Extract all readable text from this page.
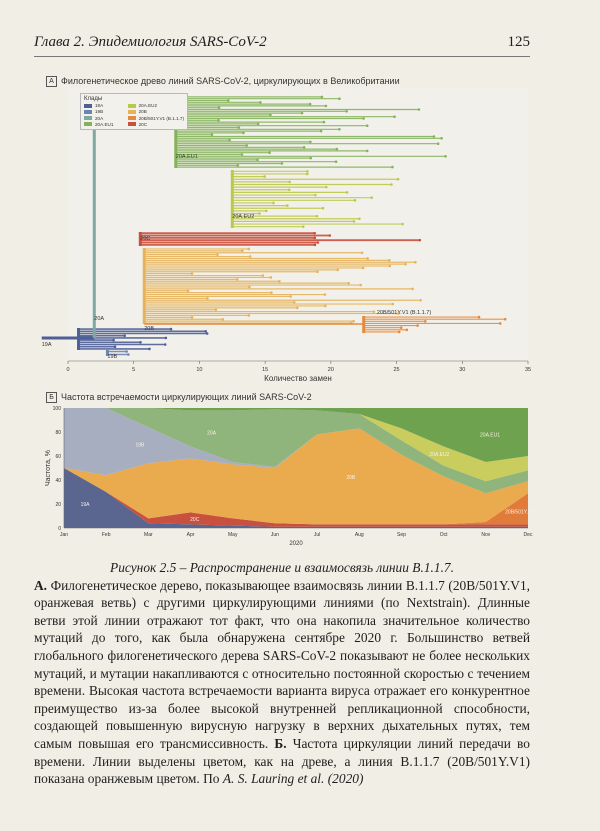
Глава 2. Эпидемиология SARS-CoV-2	125
А Филогенетическое древо линий SARS-CoV-2, циркулирующих в Великобритании
20A.EU1
20A.EU2
20C
20A
20B
19A
19B
20B/501Y.V1 (B.1.1.7)
0	5	10	15	20	25	30	35
Количество замен
Клады
19A	20A.EU2
19B	20B
20A	20B/501Y.V1 (B.1.1.7)
20A.EU1	20C
Б Частота встречаемости циркулирующих линий SARS-CoV-2
19A
19B
20A
20B
20C
20A.EU2
20A.EU1
20B/501Y.V1
0
20
40
60
80
100
Jan	Feb	Mar	Apr	May	Jun	Jul	Aug	Sep	Oct	Nov	Dec
2020
Частота, %
Рисунок 2.5 – Распространение и взаимосвязь линии B.1.1.7.

А. Филогенетическое дерево, показывающее взаимосвязь линии B.1.1.7 (20B/501Y.V1, оранжевая ветвь) с другими циркулирующими линиями (по Nextstrain). Длинные ветви этой линии отражают тот факт, что она накопила значительное количество мутаций до того, как была обнаружена сентябре 2020 г. Большинство ветвей глобального филогенетического дерева SARS-CoV-2 показывают не более нескольких мутаций, и мутации накапливаются с относительно постоянной скоростью с течением времени. Высокая частота встречаемости варианта вируса отражает его конкурентное преимущество из-за более высокой внутренней репликационной способности, создающей повышенную вирусную нагрузку в верхних дыхательных путях, тем самым повышая его трансмиссивность. Б. Частота циркуляции линий передачи во времени. Линии выделены цветом, как на древе, а линия B.1.1.7 (20B/501Y.V1) показана оранжевым цветом. По A. S. Lauring et al. (2020)
